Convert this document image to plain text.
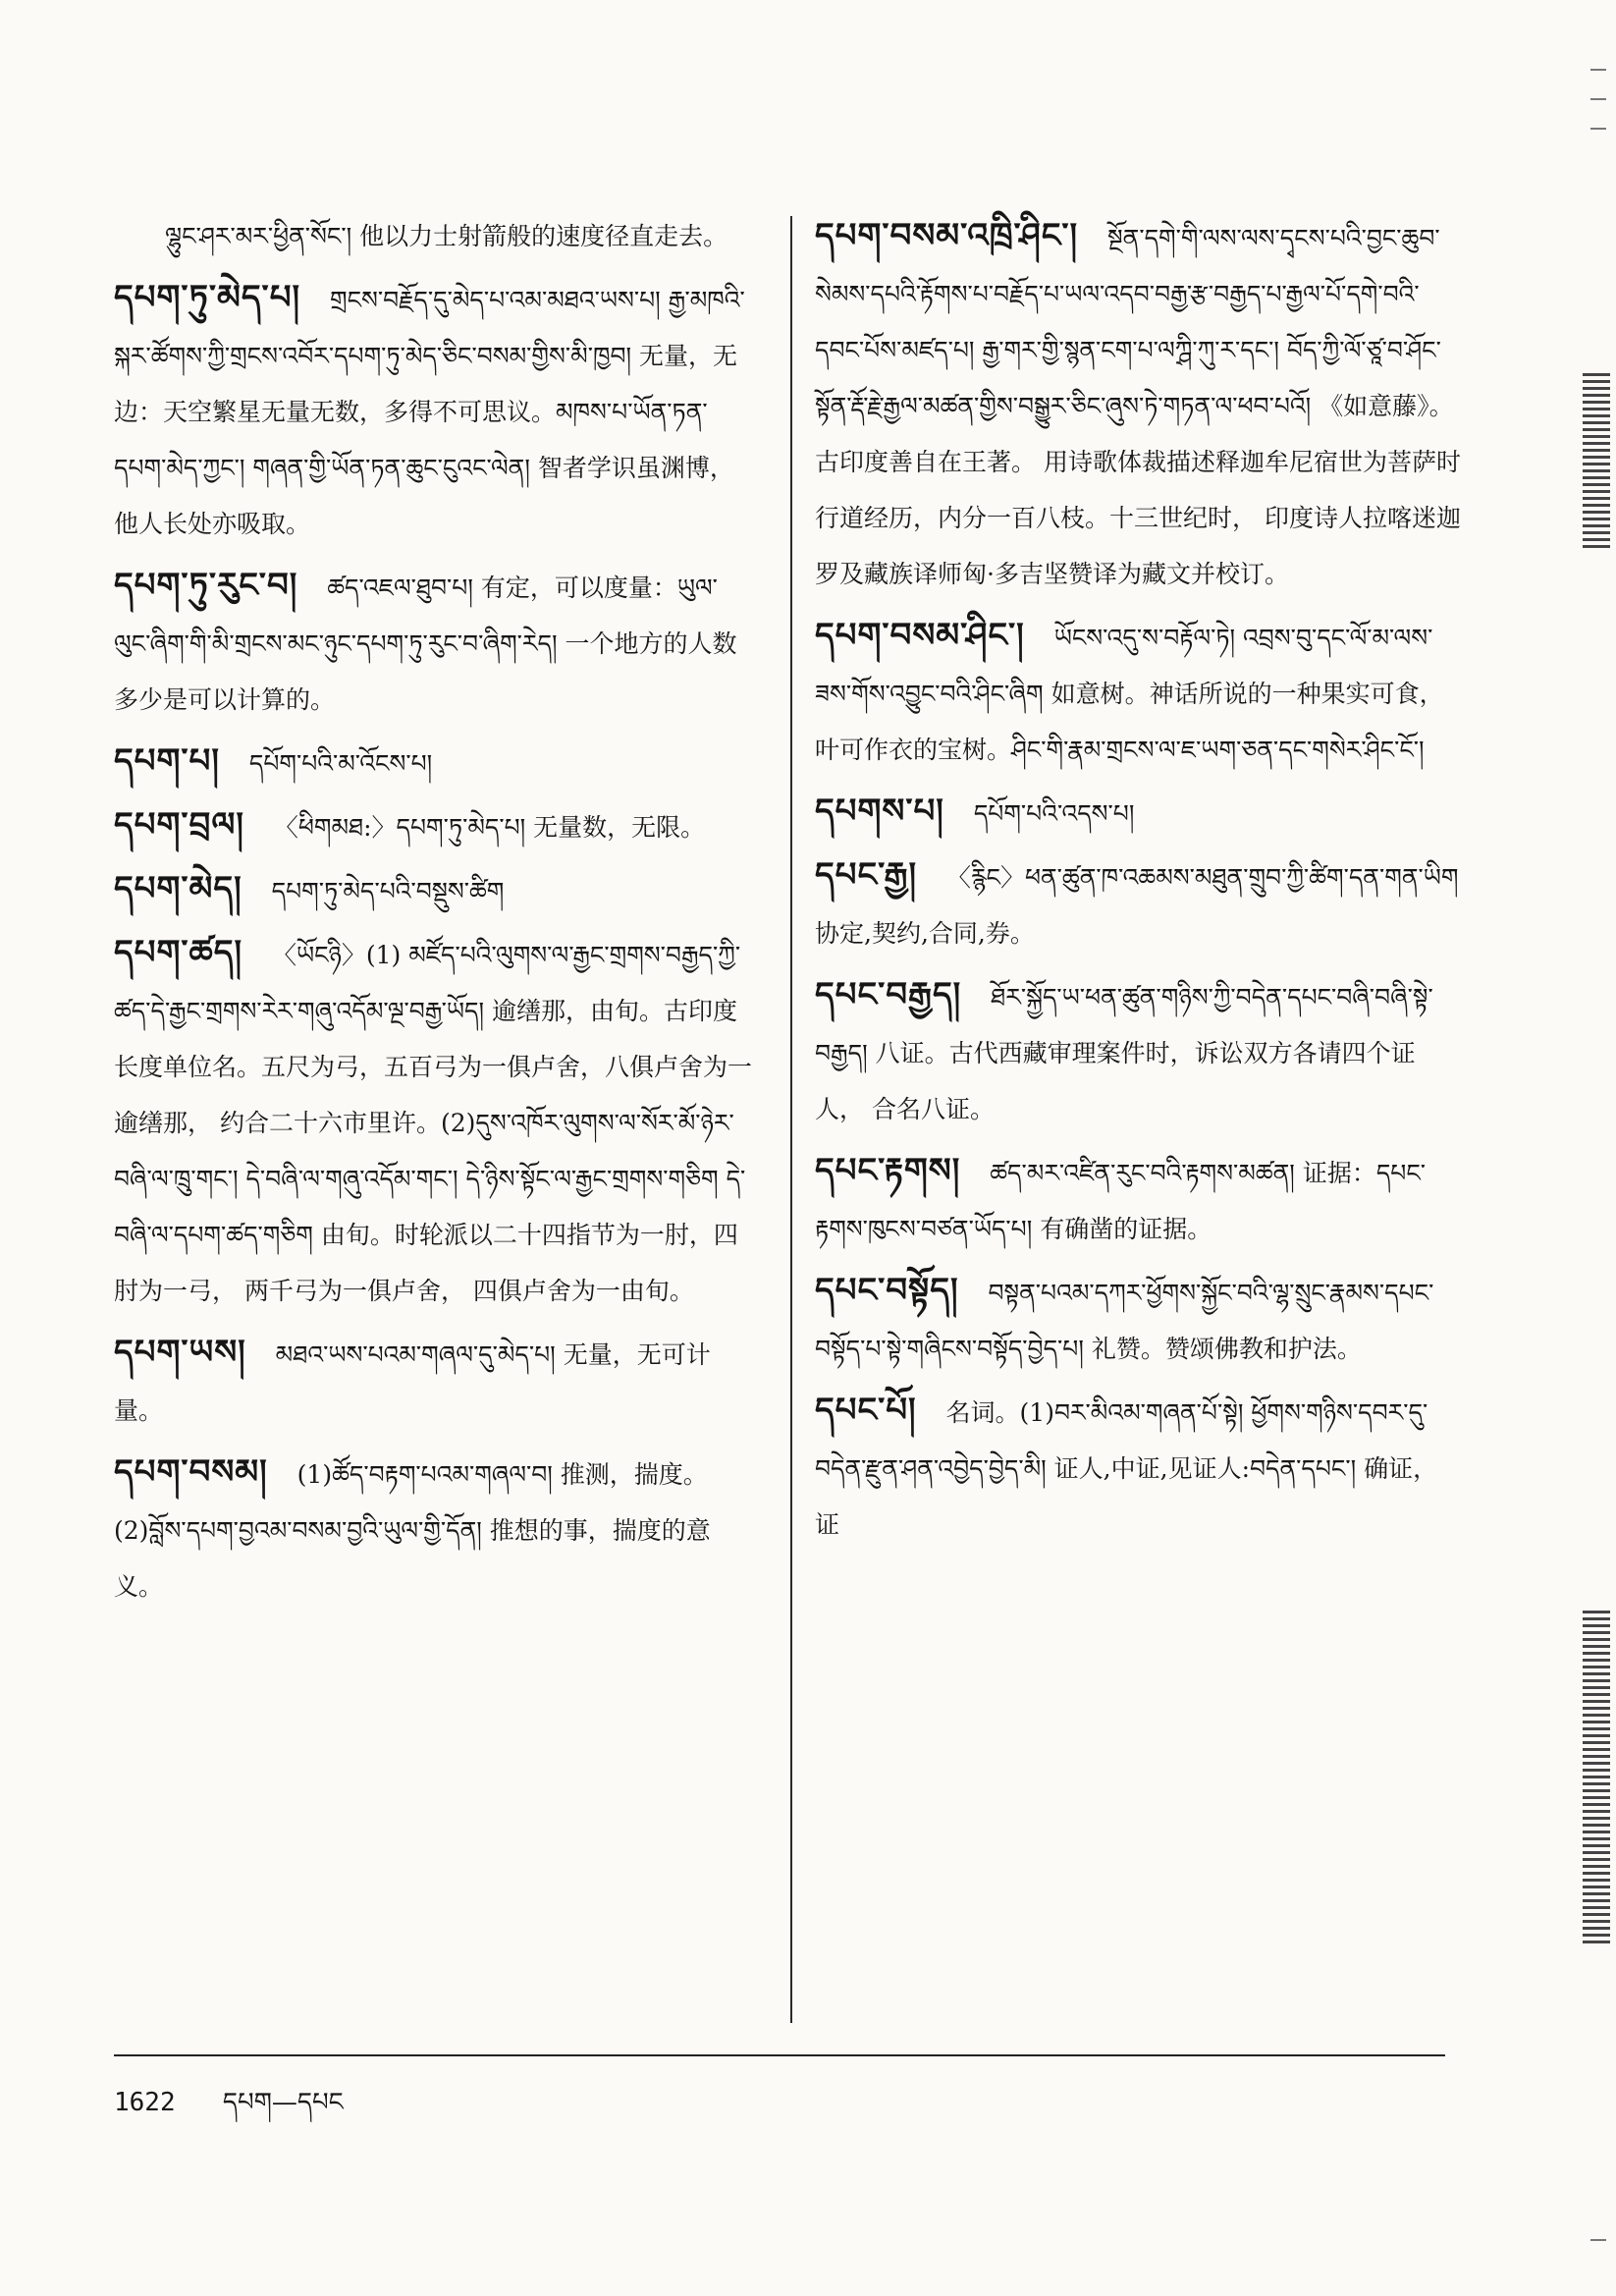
ལྷུང་ཤར་མར་ཕྱིན་སོང་། 他以力士射箭般的速度径直走去。
དཔག་ཏུ་མེད་པ། གྲངས་བརྗོད་དུ་མེད་པ་འམ་མཐའ་ཡས་པ། རྒྱ་མཁའི་སྐར་ཚོགས་ཀྱི་གྲངས་འབོར་དཔག་ཏུ་མེད་ཅིང་བསམ་གྱིས་མི་ཁྱབ། 无量，无边：天空繁星无量无数，多得不可思议。མཁས་པ་ཡོན་ཏན་དཔག་མེད་ཀྱང་། གཞན་གྱི་ཡོན་ཏན་ཆུང་ངུའང་ལེན། 智者学识虽渊博，他人长处亦吸取。
དཔག་ཏུ་རུང་བ། ཚད་འཇལ་ཐུབ་པ། 有定，可以度量：ཡུལ་ལུང་ཞིག་གི་མི་གྲངས་མང་ཉུང་དཔག་ཏུ་རུང་བ་ཞིག་རེད། 一个地方的人数多少是可以计算的。
དཔག་པ། དཔོག་པའི་མ་འོངས་པ།
དཔག་བྲལ། 〈ཕིགམཐ:〉དཔག་ཏུ་མེད་པ། 无量数，无限。
དཔག་མེད། དཔག་ཏུ་མེད་པའི་བསྡུས་ཚིག
དཔག་ཚད། 〈ཡོངཉི〉(1) མཛོད་པའི་ལུགས་ལ་རྒྱང་གྲགས་བརྒྱད་ཀྱི་ཚད་དེ་རྒྱང་གྲགས་རེར་གཞུ་འདོམ་ལྔ་བརྒྱ་ཡོད། 逾缮那，由旬。古印度长度单位名。五尺为弓，五百弓为一俱卢舍，八俱卢舍为一逾缮那， 约合二十六市里许。(2)དུས་འཁོར་ལུགས་ལ་སོར་མོ་ཉེར་བཞི་ལ་ཁྲུ་གང་། དེ་བཞི་ལ་གཞུ་འདོམ་གང་། དེ་ཉིས་སྟོང་ལ་རྒྱང་གྲགས་གཅིག དེ་བཞི་ལ་དཔག་ཚད་གཅིག 由旬。时轮派以二十四指节为一肘，四肘为一弓， 两千弓为一俱卢舍， 四俱卢舍为一由旬。
དཔག་ཡས། མཐའ་ཡས་པའམ་གཞལ་དུ་མེད་པ། 无量，无可计量。
དཔག་བསམ། (1)ཚོད་བརྟག་པའམ་གཞལ་བ། 推测，揣度。(2)བློས་དཔག་བྱའམ་བསམ་བྱའི་ཡུལ་གྱི་དོན། 推想的事，揣度的意义。
དཔག་བསམ་འཁྲི་ཤིང་། སྔོན་དགེ་གི་ལས་ལས་དྭངས་པའི་བྱང་ཆུབ་སེམས་དཔའི་རྟོགས་པ་བརྗོད་པ་ཡལ་འདབ་བརྒྱ་རྩ་བརྒྱད་པ་རྒྱལ་པོ་དགེ་བའི་དབང་པོས་མཛད་པ། རྒྱ་གར་གྱི་སྙན་ངག་པ་ལཀྴི་ཀུ་ར་དང་། བོད་ཀྱི་ལོ་ཙཱ་བ་ཤོང་སྟོན་རྡོ་རྗེ་རྒྱལ་མཚན་གྱིས་བསྒྱུར་ཅིང་ཞུས་ཏེ་གཏན་ལ་ཕབ་པའོ། 《如意藤》。古印度善自在王著。 用诗歌体裁描述释迦牟尼宿世为菩萨时行道经历，内分一百八枝。十三世纪时， 印度诗人拉喀迷迦罗及藏族译师匈·多吉坚赞译为藏文并校订。
དཔག་བསམ་ཤིང་། ཡོངས་འདུ་ས་བརྟོལ་ཏེ། འབྲས་བུ་དང་ལོ་མ་ལས་ཟས་གོས་འབྱུང་བའི་ཤིང་ཞིག 如意树。神话所说的一种果实可食，叶可作衣的宝树。ཤིང་གི་རྣམ་གྲངས་ལ་ཇ་ཡག་ཅན་དང་གསེར་ཤིང་ངོ་།
དཔགས་པ། དཔོག་པའི་འདས་པ།
དཔང་རྒྱ། 〈རྙིང〉ཕན་ཚུན་ཁ་འཆམས་མཐུན་གྲུབ་ཀྱི་ཚིག་དན་གན་ཡིག 协定,契约,合同,券。
དཔང་བརྒྱད། ཐོར་སྐྱོད་ཡ་ཕན་ཚུན་གཉིས་ཀྱི་བདེན་དཔང་བཞི་བཞི་སྟེ་བརྒྱད། 八证。古代西藏审理案件时，诉讼双方各请四个证人， 合名八证。
དཔང་རྟགས། ཚད་མར་འཛིན་རུང་བའི་རྟགས་མཚན། 证据：དཔང་རྟགས་ཁུངས་བཙན་ཡོད་པ། 有确凿的证据。
དཔང་བསྟོད། བསྟན་པའམ་དཀར་ཕྱོགས་སྐྱོང་བའི་ལྷ་སྲུང་རྣམས་དཔང་བསྟོད་པ་སྟེ་གཞིངས་བསྟོད་བྱེད་པ། 礼赞。赞颂佛教和护法。
དཔང་པོ། 名词。(1)བར་མིའམ་གཞན་པོ་སྟེ། ཕྱོགས་གཉིས་དབར་དུ་བདེན་རྫུན་ཤན་འབྱེད་བྱེད་མི། 证人,中证,见证人:བདེན་དཔང་། 确证， 证
1622 དཔག—དཔང
